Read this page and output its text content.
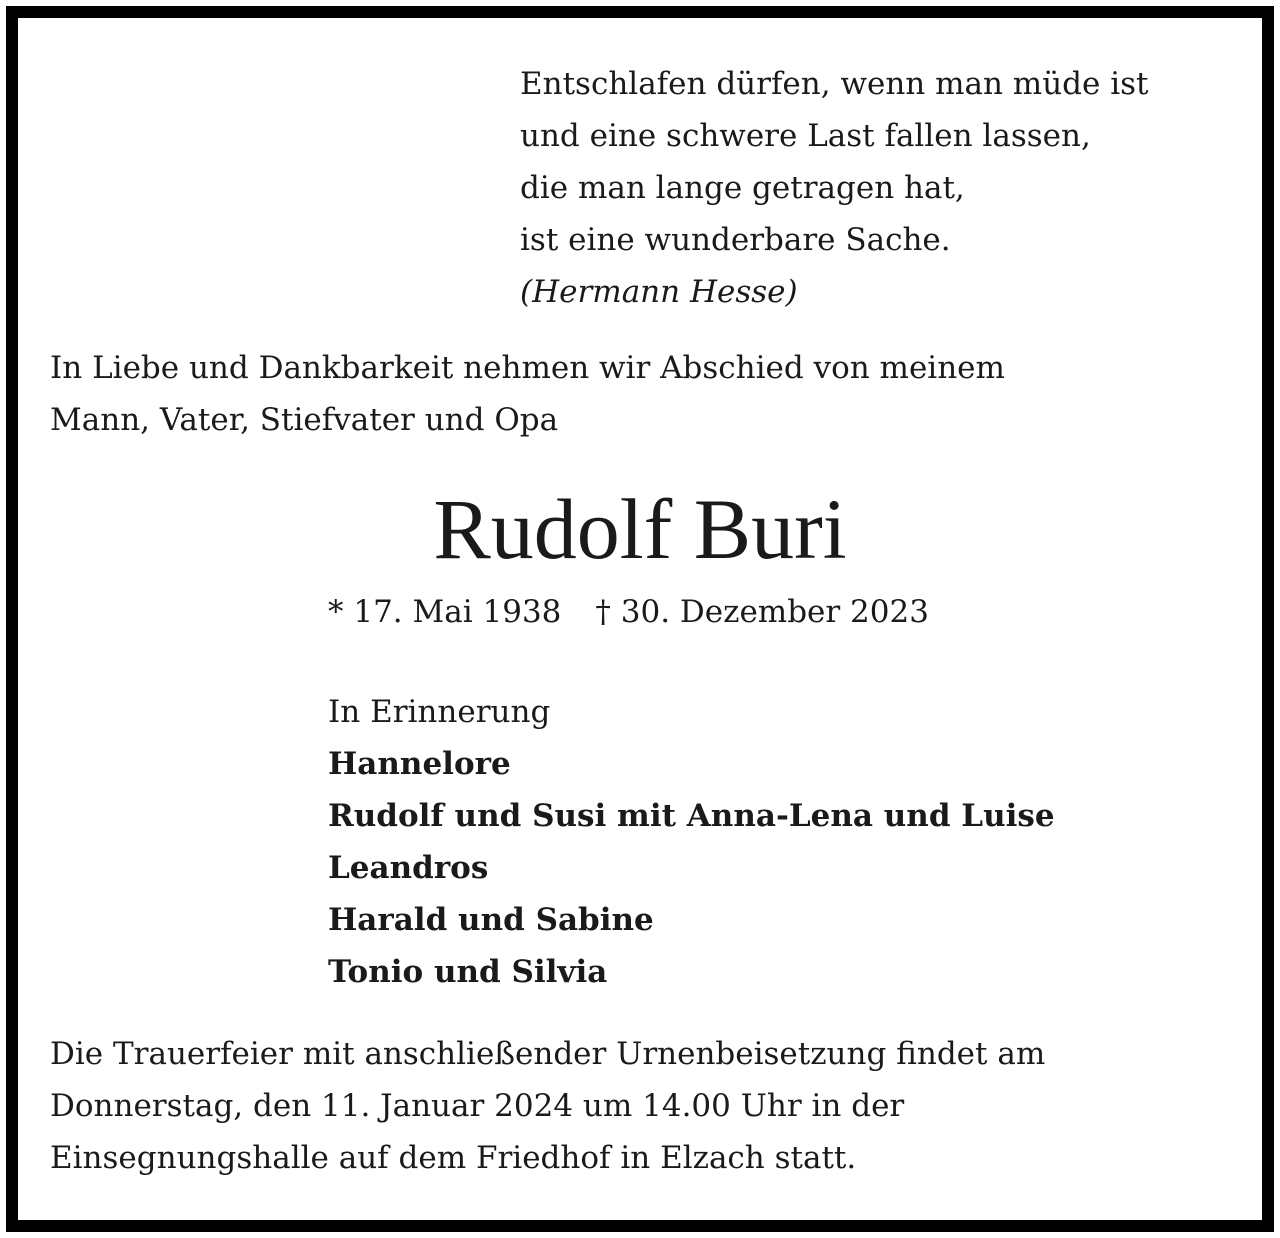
Entschlafen dürfen, wenn man müde ist
und eine schwere Last fallen lassen,
die man lange getragen hat,
ist eine wunderbare Sache.
(Hermann Hesse)
In Liebe und Dankbarkeit nehmen wir Abschied von meinem
Mann, Vater, Stiefvater und Opa
Rudolf Buri
* 17. Mai 1938 † 30. Dezember 2023
In Erinnerung
Hannelore
Rudolf und Susi mit Anna-Lena und Luise
Leandros
Harald und Sabine
Tonio und Silvia
Die Trauerfeier mit anschließender Urnenbeisetzung findet am
Donnerstag, den 11. Januar 2024 um 14.00 Uhr in der
Einsegnungshalle auf dem Friedhof in Elzach statt.
